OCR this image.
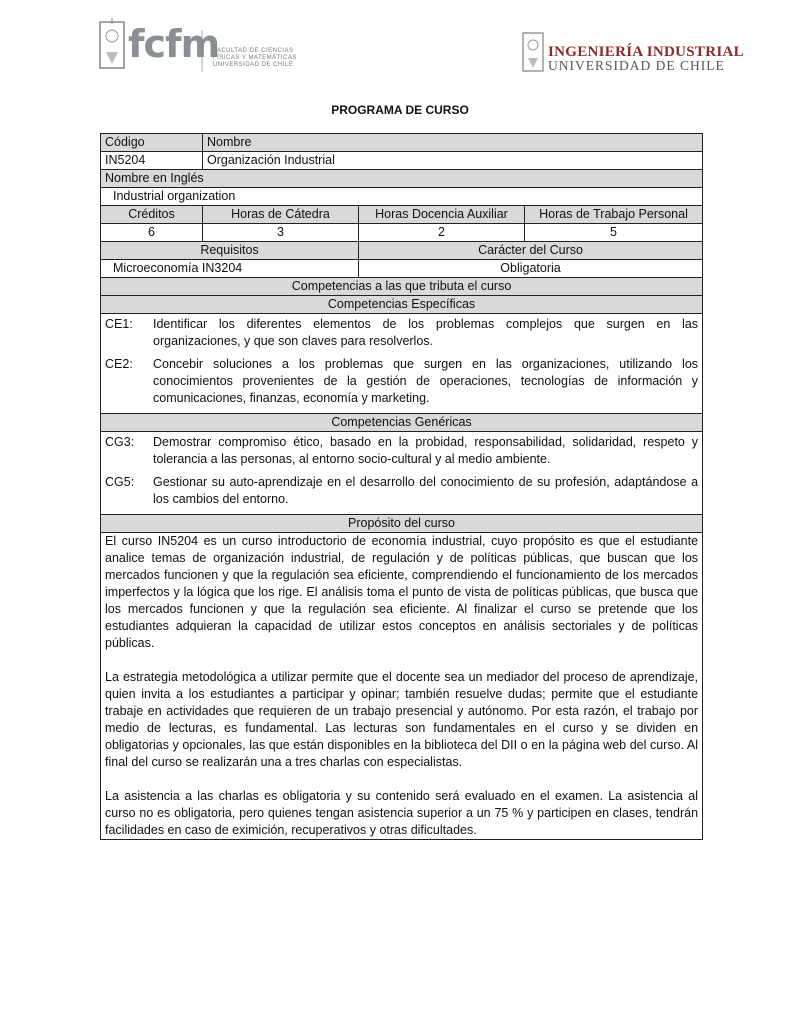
fcfm
FACULTAD DE CIENCIAS
FÍSICAS Y MATEMÁTICAS
UNIVERSIDAD DE CHILE
INGENIERÍA INDUSTRIAL
UNIVERSIDAD DE CHILE
PROGRAMA DE CURSO
Código	Nombre		
IN5204	Organización Industrial		
Nombre en Inglés			
Industrial organization			
Créditos	Horas de Cátedra	Horas Docencia Auxiliar	Horas de Trabajo Personal
6	3	2	5
Requisitos		Carácter del Curso	
Microeconomía IN3204		Obligatoria	
Competencias a las que tributa el curso			
Competencias Específicas			

CE1: Identificar los diferentes elementos de los problemas complejos que surgen en las organizaciones, y que son claves para resolverlos.
CE2: Concebir soluciones a los problemas que surgen en las organizaciones, utilizando los conocimientos provenientes de la gestión de operaciones, tecnologías de información y comunicaciones, finanzas, economía y marketing.			

Competencias Genéricas			

CG3: Demostrar compromiso ético, basado en la probidad, responsabilidad, solidaridad, respeto y tolerancia a las personas, al entorno socio-cultural y al medio ambiente.
CG5: Gestionar su auto-aprendizaje en el desarrollo del conocimiento de su profesión, adaptándose a los cambios del entorno.			

Propósito del curso			

El curso IN5204 es un curso introductorio de economía industrial, cuyo propósito es que el estudiante analice temas de organización industrial, de regulación y de políticas públicas, que buscan que los mercados funcionen y que la regulación sea eficiente, comprendiendo el funcionamiento de los mercados imperfectos y la lógica que los rige. El análisis toma el punto de vista de políticas públicas, que busca que los mercados funcionen y que la regulación sea eficiente. Al finalizar el curso se pretende que los estudiantes adquieran la capacidad de utilizar estos conceptos en análisis sectoriales y de políticas públicas.

La estrategia metodológica a utilizar permite que el docente sea un mediador del proceso de aprendizaje, quien invita a los estudiantes a participar y opinar; también resuelve dudas; permite que el estudiante trabaje en actividades que requieren de un trabajo presencial y autónomo. Por esta razón, el trabajo por medio de lecturas, es fundamental. Las lecturas son fundamentales en el curso y se dividen en obligatorias y opcionales, las que están disponibles en la biblioteca del DII o en la página web del curso. Al final del curso se realizarán una a tres charlas con especialistas.

La asistencia a las charlas es obligatoria y su contenido será evaluado en el examen. La asistencia al curso no es obligatoria, pero quienes tengan asistencia superior a un 75 % y participen en clases, tendrán facilidades en caso de eximición, recuperativos y otras dificultades.			
